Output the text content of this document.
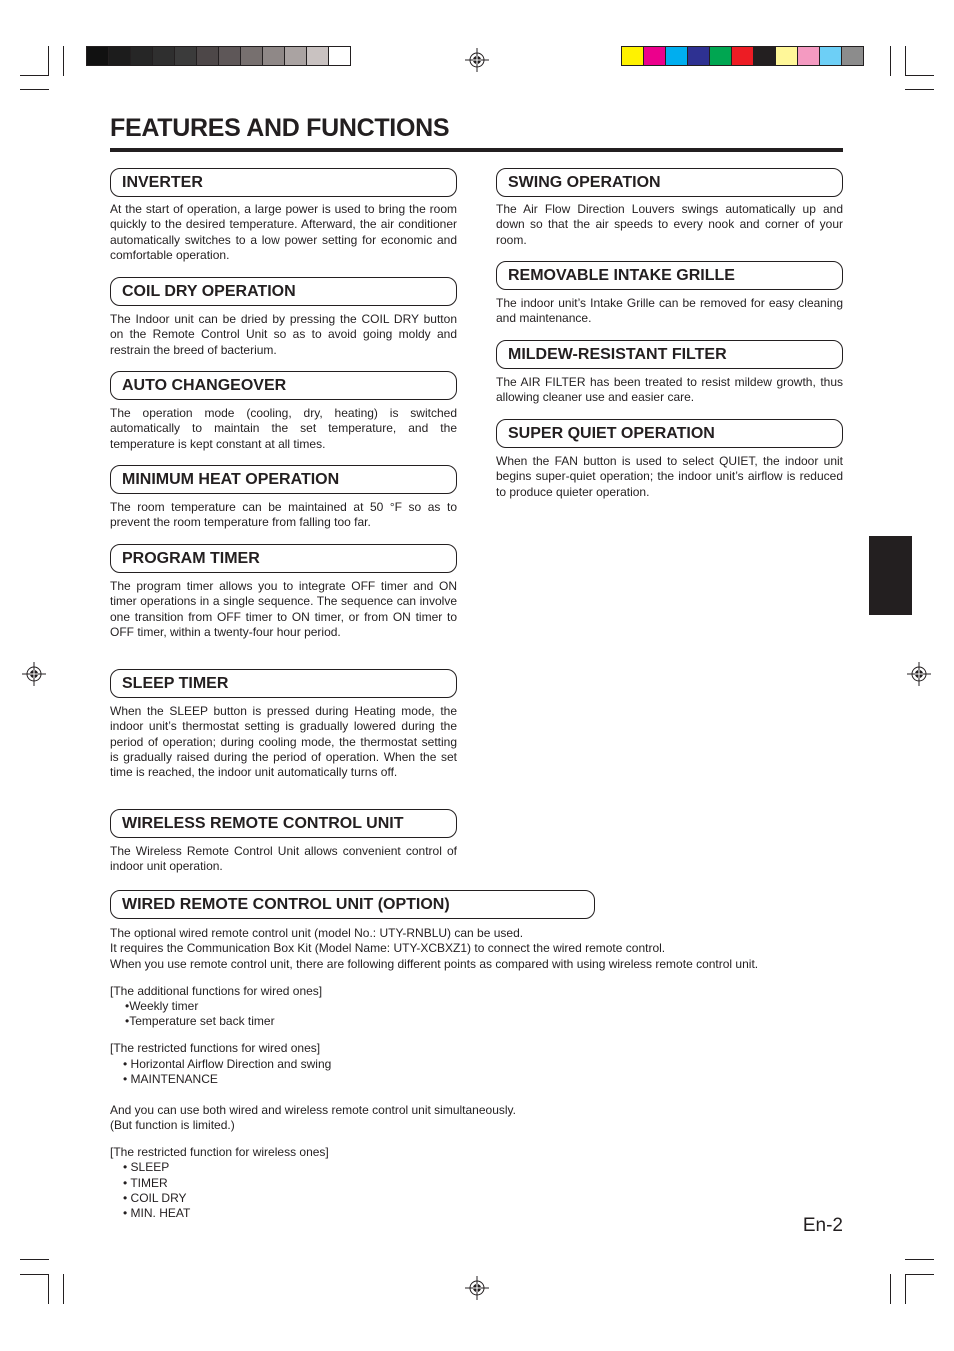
FEATURES AND FUNCTIONS
INVERTER
At the start of operation, a large power is used to bring the room quickly to the desired temperature. Afterward, the air conditioner automatically switches to a low power setting for economic and comfortable operation.
COIL DRY OPERATION
The Indoor unit can be dried by pressing the COIL DRY button on the Remote Control Unit so as to avoid going moldy and restrain the breed of bacterium.
AUTO CHANGEOVER
The operation mode (cooling, dry, heating) is switched automatically to maintain the set temperature, and the temperature is kept constant at all times.
MINIMUM HEAT OPERATION
The room temperature can be maintained at 50 °F so as to prevent the room temperature from falling too far.
PROGRAM TIMER
The program timer allows you to integrate OFF timer and ON timer operations in a single sequence. The sequence can involve one transition from OFF timer to ON timer, or from ON timer to OFF timer, within a twenty-four hour period.
SLEEP TIMER
When the SLEEP button is pressed during Heating mode, the indoor unit’s thermostat setting is gradually lowered during the period of operation; during cooling mode, the thermostat setting is gradually raised during the period of operation. When the set time is reached, the indoor unit automatically turns off.
WIRELESS REMOTE CONTROL UNIT
The Wireless Remote Control Unit allows convenient control of indoor unit operation.
SWING OPERATION
The Air Flow Direction Louvers swings automatically up and down so that the air speeds to every nook and corner of your room.
REMOVABLE INTAKE GRILLE
The indoor unit’s Intake Grille can be removed for easy cleaning and maintenance.
MILDEW-RESISTANT FILTER
The AIR FILTER has been treated to resist mildew growth, thus allowing cleaner use and easier care.
SUPER QUIET OPERATION
When the FAN button is used to select QUIET, the indoor unit begins super-quiet operation; the indoor unit’s airflow is reduced to produce quieter operation.
WIRED REMOTE CONTROL UNIT (OPTION)
The optional wired remote control unit (model No.: UTY-RNBLU) can be used.
It requires the Communication Box Kit (Model Name: UTY-XCBXZ1) to connect the wired remote control.
When you use remote control unit, there are following different points as compared with using wireless remote control unit.
[The additional functions for wired ones]
•Weekly timer
•Temperature set back timer
[The restricted functions for wired ones]
• Horizontal Airflow Direction and swing
• MAINTENANCE
And you can use both wired and wireless remote control unit simultaneously.
(But function is limited.)
[The restricted function for wireless ones]
• SLEEP
• TIMER
• COIL DRY
• MIN. HEAT
En-2
